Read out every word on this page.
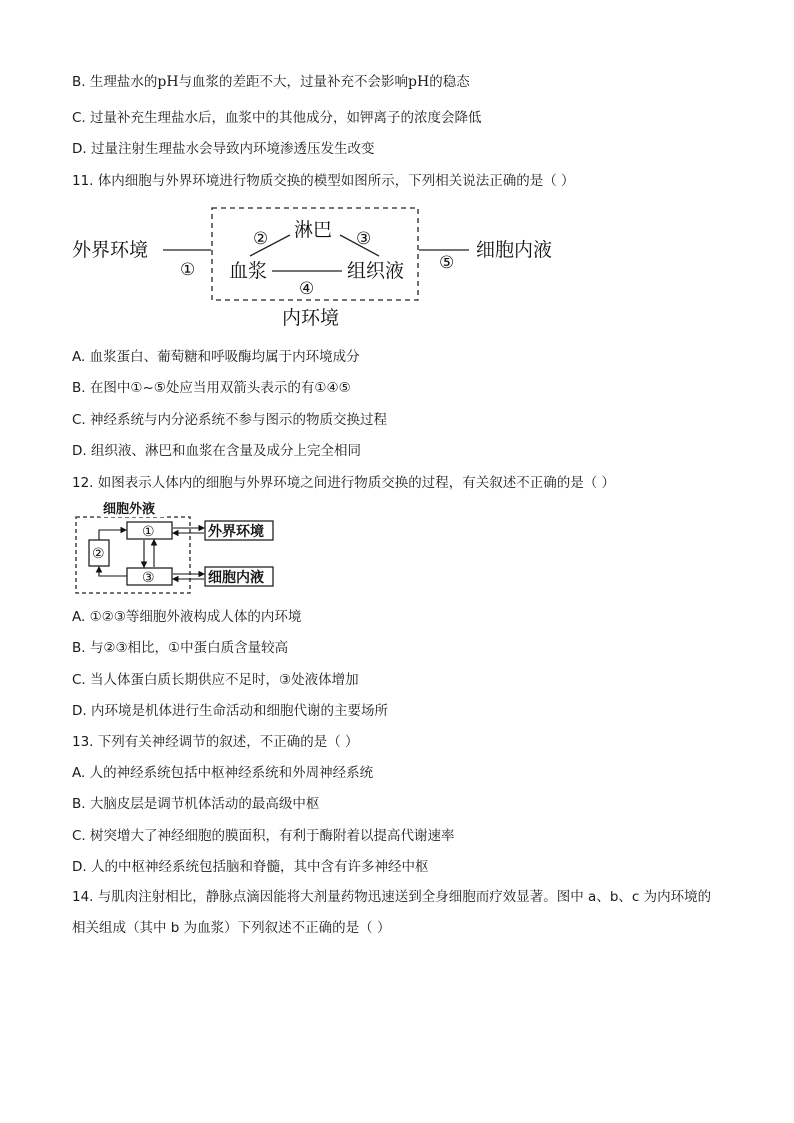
B. 生理盐水的pH与血浆的差距不大，过量补充不会影响pH的稳态
C. 过量补充生理盐水后，血浆中的其他成分，如钾离子的浓度会降低
D. 过量注射生理盐水会导致内环境渗透压发生改变
11. 体内细胞与外界环境进行物质交换的模型如图所示，下列相关说法正确的是（ ）
外界环境
①
淋巴
②	③
血浆	组织液
④
⑤
细胞内液
内环境
A. 血浆蛋白、葡萄糖和呼吸酶均属于内环境成分
B. 在图中①~⑤处应当用双箭头表示的有①④⑤
C. 神经系统与内分泌系统不参与图示的物质交换过程
D. 组织液、淋巴和血浆在含量及成分上完全相同
12. 如图表示人体内的细胞与外界环境之间进行物质交换的过程，有关叙述不正确的是（ ）
细胞外液
①
②
③
外界环境
细胞内液
A. ①②③等细胞外液构成人体的内环境
B. 与②③相比，①中蛋白质含量较高
C. 当人体蛋白质长期供应不足时，③处液体增加
D. 内环境是机体进行生命活动和细胞代谢的主要场所
13. 下列有关神经调节的叙述，不正确的是（ ）
A. 人的神经系统包括中枢神经系统和外周神经系统
B. 大脑皮层是调节机体活动的最高级中枢
C. 树突增大了神经细胞的膜面积，有利于酶附着以提高代谢速率
D. 人的中枢神经系统包括脑和脊髓，其中含有许多神经中枢
14. 与肌肉注射相比，静脉点滴因能将大剂量药物迅速送到全身细胞而疗效显著。图中 a、b、c 为内环境的相关组成（其中 b 为血浆）下列叙述不正确的是（ ）
